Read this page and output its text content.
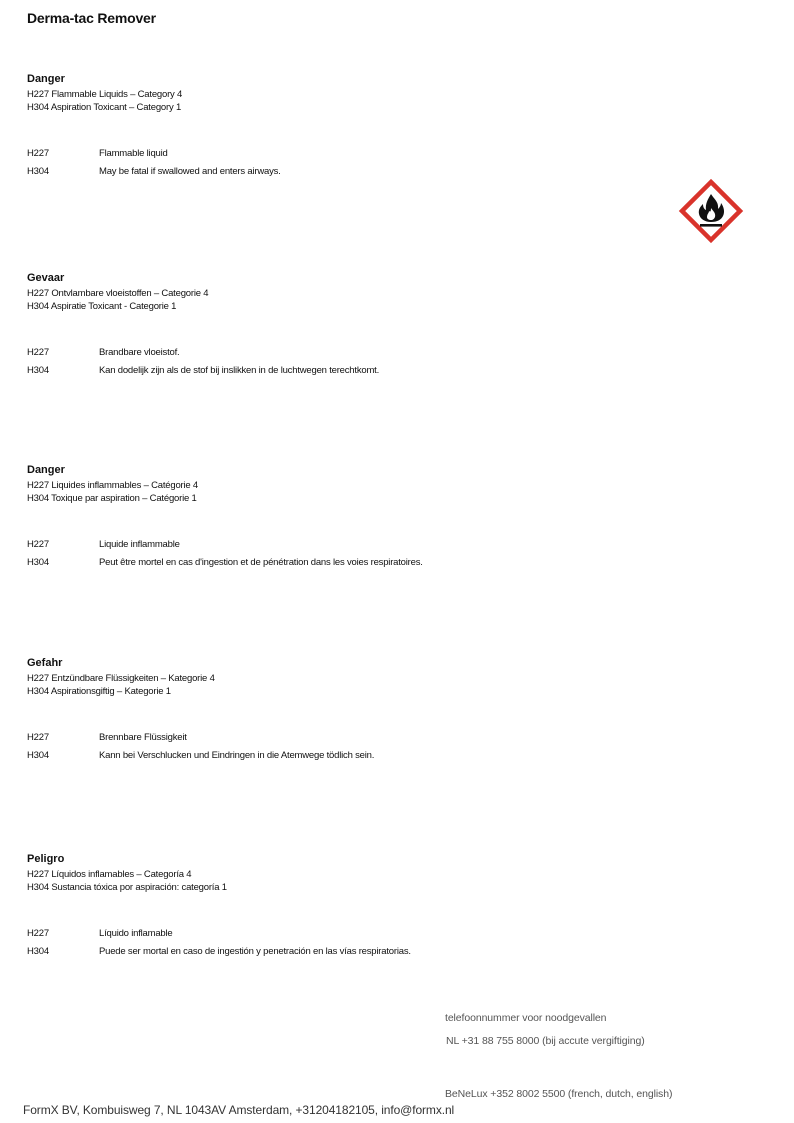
Derma-tac Remover
Danger
H227 Flammable Liquids – Category 4
H304 Aspiration Toxicant – Category 1
H227	Flammable liquid
H304	May be fatal if swallowed and enters airways.
Gevaar
H227 Ontvlambare vloeistoffen – Categorie 4
H304 Aspiratie Toxicant - Categorie 1
H227	Brandbare vloeistof.
H304	Kan dodelijk zijn als de stof bij inslikken in de luchtwegen terechtkomt.
Danger
H227 Liquides inflammables – Catégorie 4
H304 Toxique par aspiration – Catégorie 1
H227	Liquide inflammable
H304	Peut être mortel en cas d'ingestion et de pénétration dans les voies respiratoires.
Gefahr
H227 Entzündbare Flüssigkeiten – Kategorie 4
H304 Aspirationsgiftig – Kategorie 1
H227	Brennbare Flüssigkeit
H304	Kann bei Verschlucken und Eindringen in die Atemwege tödlich sein.
Peligro
H227 Líquidos inflamables – Categoría 4
H304 Sustancia tóxica por aspiración: categoría 1
H227	Líquido inflamable
H304	Puede ser mortal en caso de ingestión y penetración en las vías respiratorias.
telefoonnummer voor noodgevallen
NL +31 88 755 8000 (bij accute vergiftiging)
BeNeLux +352 8002 5500 (french, dutch, english)
FormX BV, Kombuisweg 7, NL 1043AV Amsterdam, +31204182105, info@formx.nl
